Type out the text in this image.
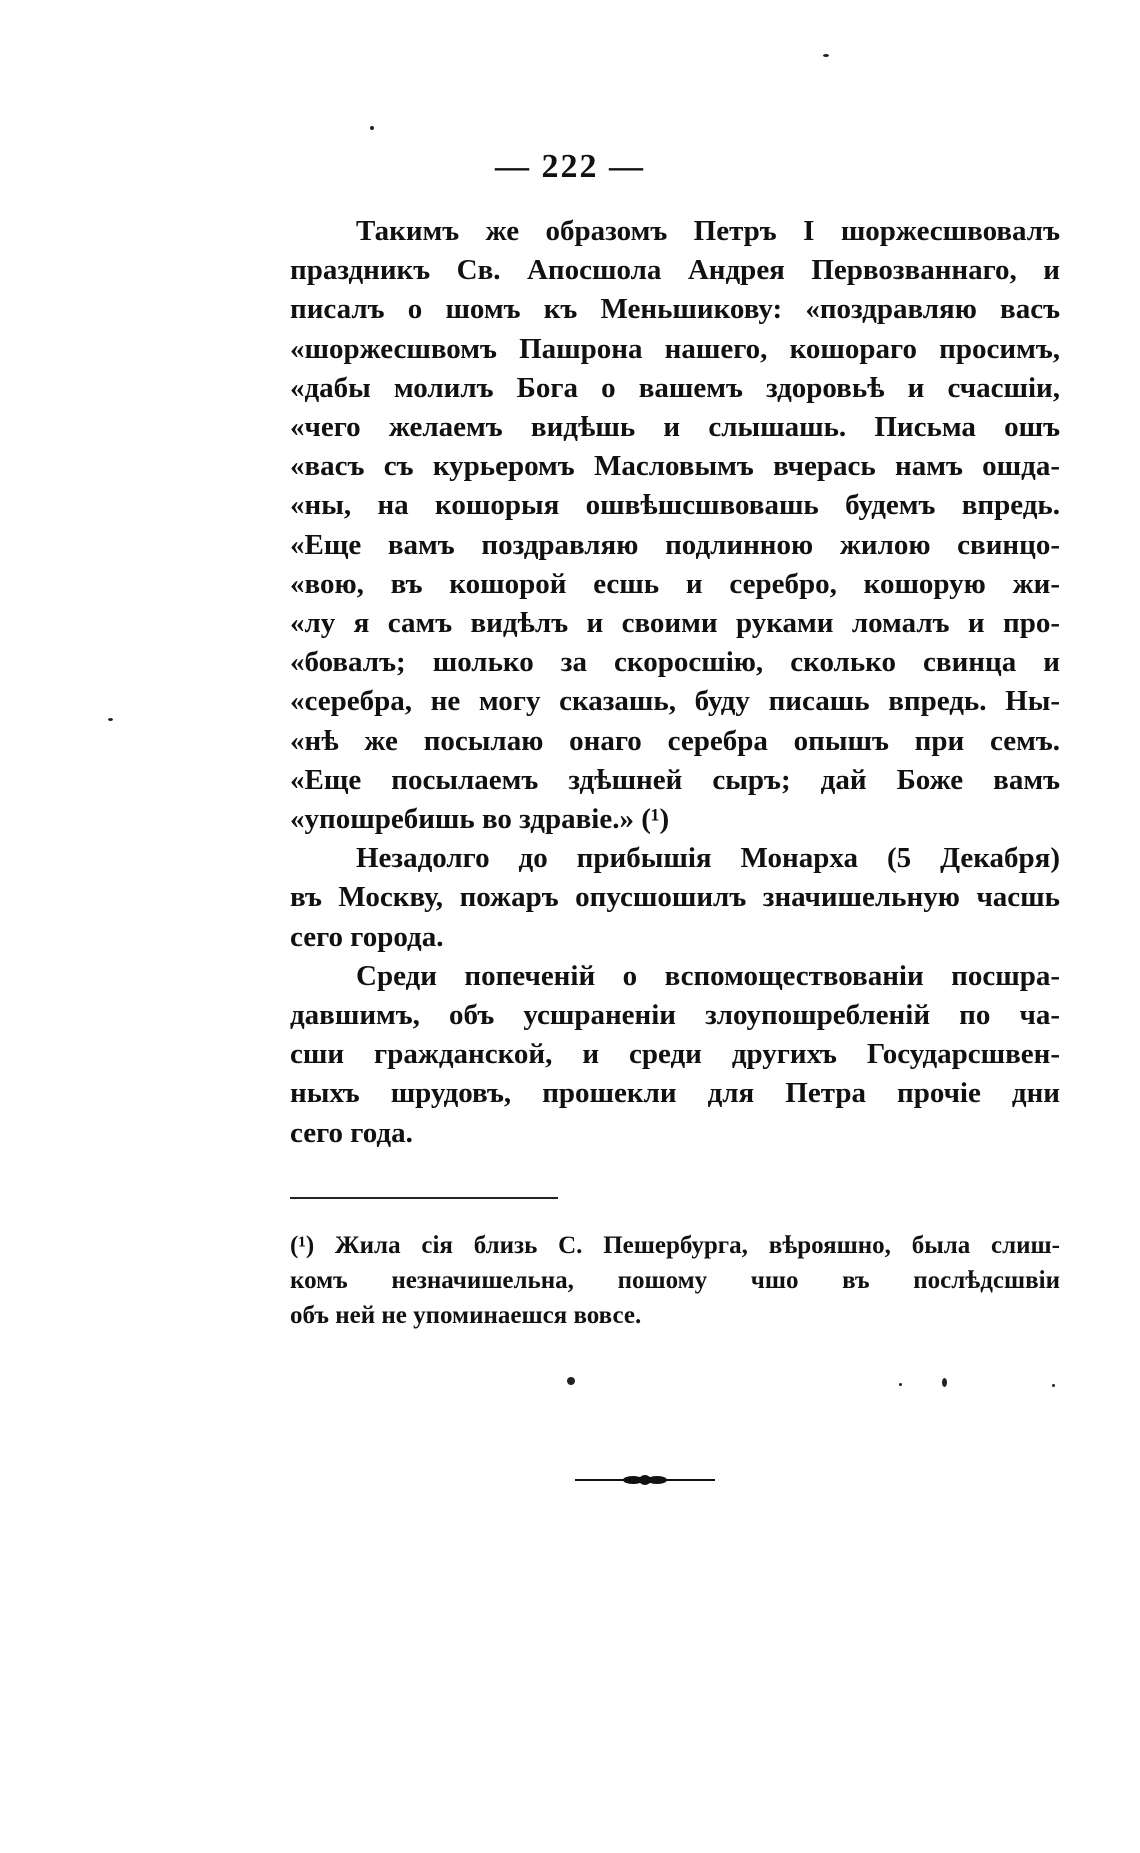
— 222 —
Такимъ же образомъ Петръ I шоржесшвовалъ
праздникъ Св. Aпосшола Андрея Первозваннаго, и
писалъ о шомъ къ Меньшикову: «поздравляю васъ
«шоржесшвомъ Пашрона нашего, кошораго просимъ,
«дабы молилъ Бога о вашемъ здоровьѣ и счасшіи,
«чего желаемъ видѣшь и слышашь. Письма ошъ
«васъ съ курьеромъ Масловымъ вчерась намъ ошда-
«ны, на кошорыя ошвѣшсшвовашь будемъ впредь.
«Еще вамъ поздравляю подлинною жилою свинцо-
«вою, въ кошорой есшь и серебро, кошорую жи-
«лу я самъ видѣлъ и своими руками ломалъ и про-
«бовалъ; шолько за скоросшію, сколько свинца и
«серебра, не могу сказашь, буду писашь впредь. Ны-
«нѣ же посылаю онаго серебра опышъ при семъ.
«Еще посылаемъ здѣшней сыръ; дай Боже вамъ
«упошребишь во здравіе.» (¹)
Незадолго до прибышія Монарха (5 Декабря)
въ Москву, пожаръ опусшошилъ значишельную часшь
сего города.
Среди попеченій о вспомоществованіи посшра-
давшимъ, объ усшраненіи злоупошребленій по ча-
сши гражданской, и среди другихъ Государсшвен-
ныхъ шрудовъ, прошекли для Петра прочіе дни
сего года.
(¹) Жила сія близь С. Пешербурга, вѣрояшно, была слиш-
комъ незначишельна, пошому чшо въ послѣдсшвіи
объ ней не упоминаешся вовсе.
